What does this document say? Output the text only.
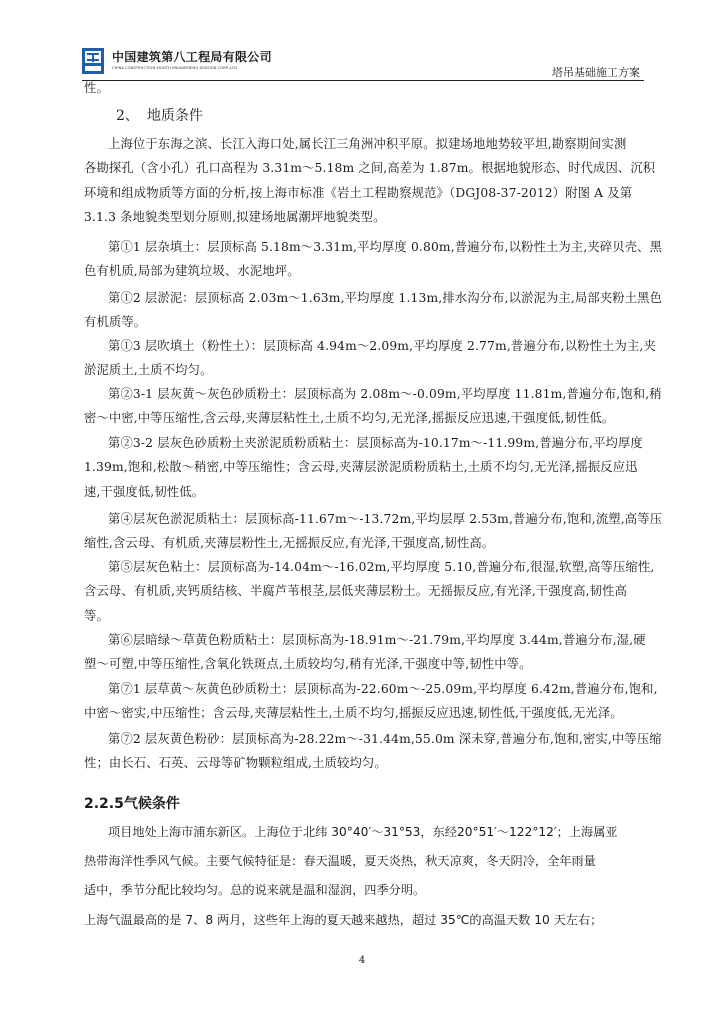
中国建筑第八工程局有限公司
CHINA CONSTRUCTION EIGHTH ENGINEERING DIVISION CORP.,LTD	塔吊基础施工方案

性。

2、 地质条件

上海位于东海之滨、长江入海口处,属长江三角洲冲积平原。拟建场地地势较平坦,勘察期间实测
各勘探孔（含小孔）孔口高程为 3.31m～5.18m 之间,高差为 1.87m。根据地貌形态、时代成因、沉积
环境和组成物质等方面的分析,按上海市标准《岩土工程勘察规范》（DGJ08-37-2012）附图 A 及第
3.1.3 条地貌类型划分原则,拟建场地属潮坪地貌类型。

第①1 层杂填土：层顶标高 5.18m～3.31m,平均厚度 0.80m,普遍分布,以粉性土为主,夹碎贝壳、黑
色有机质,局部为建筑垃圾、水泥地坪。

第①2 层淤泥：层顶标高 2.03m～1.63m,平均厚度 1.13m,排水沟分布,以淤泥为主,局部夹粉土黑色
有机质等。

第①3 层吹填土（粉性土）：层顶标高 4.94m～2.09m,平均厚度 2.77m,普遍分布,以粉性土为主,夹
淤泥质土,土质不均匀。

第②3-1 层灰黄～灰色砂质粉土：层顶标高为 2.08m～-0.09m,平均厚度 11.81m,普遍分布,饱和,稍
密～中密,中等压缩性,含云母,夹薄层粘性土,土质不均匀,无光泽,摇振反应迅速,干强度低,韧性低。

第②3-2 层灰色砂质粉土夹淤泥质粉质粘土：层顶标高为-10.17m～-11.99m,普遍分布,平均厚度
1.39m,饱和,松散～稍密,中等压缩性；含云母,夹薄层淤泥质粉质粘土,土质不均匀,无光泽,摇振反应迅
速,干强度低,韧性低。

第④层灰色淤泥质粘土：层顶标高-11.67m～-13.72m,平均层厚 2.53m,普遍分布,饱和,流塑,高等压
缩性,含云母、有机质,夹薄层粉性土,无摇振反应,有光泽,干强度高,韧性高。

第⑤层灰色粘土：层顶标高为-14.04m～-16.02m,平均厚度 5.10,普遍分布,很湿,软塑,高等压缩性,
含云母、有机质,夹钙质结核、半腐芦苇根茎,层低夹薄层粉土。无摇振反应,有光泽,干强度高,韧性高
等。

第⑥层暗绿～草黄色粉质粘土：层顶标高为-18.91m～-21.79m,平均厚度 3.44m,普遍分布,湿,硬
塑～可塑,中等压缩性,含氧化铁斑点,土质较均匀,稍有光泽,干强度中等,韧性中等。

第⑦1 层草黄～灰黄色砂质粉土：层顶标高为-22.60m～-25.09m,平均厚度 6.42m,普遍分布,饱和,
中密～密实,中压缩性；含云母,夹薄层粘性土,土质不均匀,摇振反应迅速,韧性低,干强度低,无光泽。

第⑦2 层灰黄色粉砂：层顶标高为-28.22m～-31.44m,55.0m 深未穿,普遍分布,饱和,密实,中等压缩
性；由长石、石英、云母等矿物颗粒组成,土质较均匀。

2.2.5气候条件

项目地处上海市浦东新区。上海位于北纬 30°40′～31°53，东经20°51′～122°12′；上海属亚
热带海洋性季风气候。主要气候特征是：春天温暖，夏天炎热，秋天凉爽，冬天阴冷，全年雨量
适中，季节分配比较均匀。总的说来就是温和湿润，四季分明。

上海气温最高的是 7、8 两月，这些年上海的夏天越来越热，超过 35℃的高温天数 10 天左右；

4
